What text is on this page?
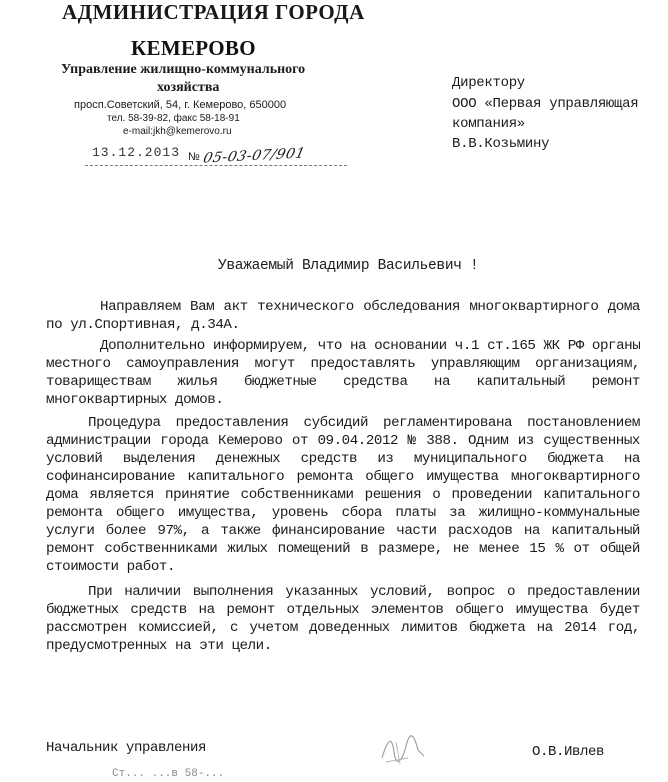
АДМИНИСТРАЦИЯ ГОРОДА
КЕМЕРОВО
Управление жилищно-коммунального
хозяйства
просп.Советский, 54, г. Кемерово, 650000
тел. 58-39-82, факс 58-18-91
e-mail:jkh@kemerovo.ru
13.12.2013 № 05-03-07/901
Директору
ООО «Первая управляющая
компания»
В.В.Козьмину
Уважаемый Владимир Васильевич !
Направляем Вам акт технического обследования многоквартирного дома
по ул.Спортивная, д.34А.
Дополнительно информируем, что на основании ч.1 ст.165 ЖК РФ органы
местного самоуправления могут предоставлять управляющим организациям,
товариществам жилья бюджетные средства на капитальный ремонт
многоквартирных домов.
Процедура предоставления субсидий регламентирована постановлением
администрации города Кемерово от 09.04.2012 № 388. Одним из существенных
условий выделения денежных средств из муниципального бюджета на
софинансирование капитального ремонта общего имущества многоквартирного
дома является принятие собственниками решения о проведении капитального
ремонта общего имущества, уровень сбора платы за жилищно-коммунальные
услуги более 97%, а также финансирование части расходов на капитальный
ремонт собственниками жилых помещений в размере, не менее 15 % от общей
стоимости работ.
При наличии выполнения указанных условий, вопрос о предоставлении
бюджетных средств на ремонт отдельных элементов общего имущества будет
рассмотрен комиссией, с учетом доведенных лимитов бюджета на 2014 год,
предусмотренных на эти цели.
Начальник управления	О.В.Ивлев
Ст... ...в 58-...
